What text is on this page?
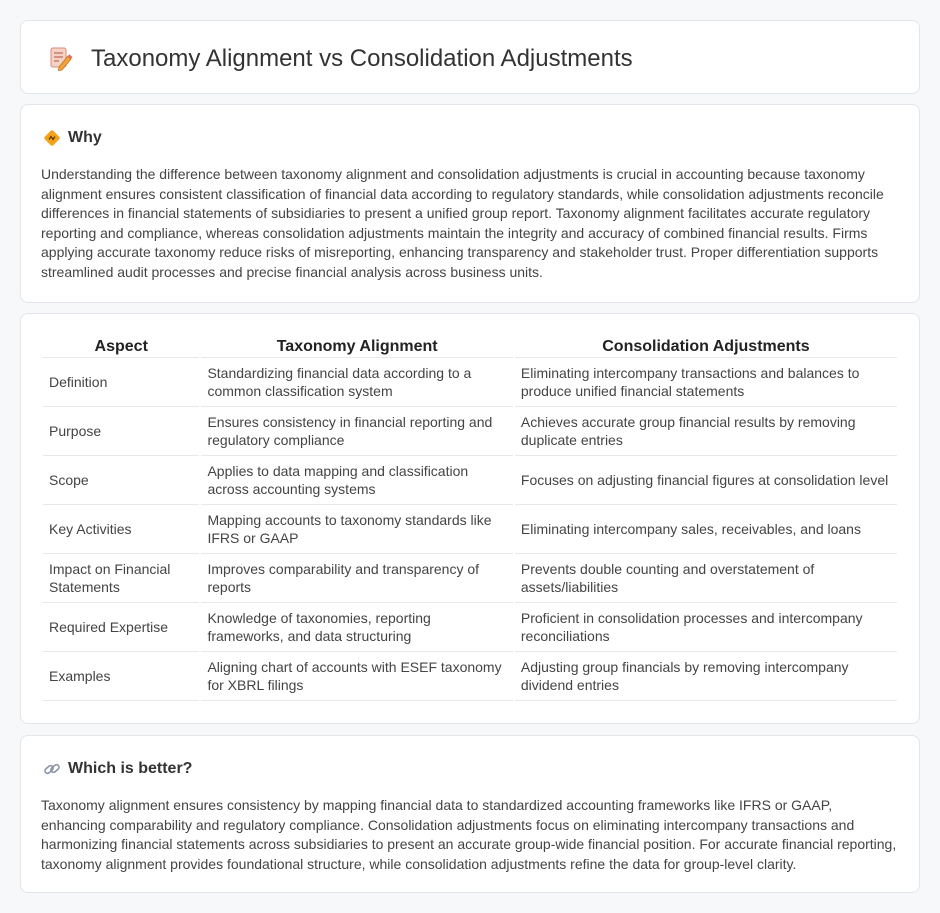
Taxonomy Alignment vs Consolidation Adjustments
Why

Understanding the difference between taxonomy alignment and consolidation adjustments is crucial in accounting because taxonomy alignment ensures consistent classification of financial data according to regulatory standards, while consolidation adjustments reconcile differences in financial statements of subsidiaries to present a unified group report. Taxonomy alignment facilitates accurate regulatory reporting and compliance, whereas consolidation adjustments maintain the integrity and accuracy of combined financial results. Firms applying accurate taxonomy reduce risks of misreporting, enhancing transparency and stakeholder trust. Proper differentiation supports streamlined audit processes and precise financial analysis across business units.

Aspect	Taxonomy Alignment	Consolidation Adjustments
Definition	Standardizing financial data according to a common classification system	Eliminating intercompany transactions and balances to produce unified financial statements
Purpose	Ensures consistency in financial reporting and regulatory compliance	Achieves accurate group financial results by removing duplicate entries
Scope	Applies to data mapping and classification across accounting systems	Focuses on adjusting financial figures at consolidation level
Key Activities	Mapping accounts to taxonomy standards like IFRS or GAAP	Eliminating intercompany sales, receivables, and loans
Impact on Financial Statements	Improves comparability and transparency of reports	Prevents double counting and overstatement of assets/liabilities
Required Expertise	Knowledge of taxonomies, reporting frameworks, and data structuring	Proficient in consolidation processes and intercompany reconciliations
Examples	Aligning chart of accounts with ESEF taxonomy for XBRL filings	Adjusting group financials by removing intercompany dividend entries
Which is better?

Taxonomy alignment ensures consistency by mapping financial data to standardized accounting frameworks like IFRS or GAAP, enhancing comparability and regulatory compliance. Consolidation adjustments focus on eliminating intercompany transactions and harmonizing financial statements across subsidiaries to present an accurate group-wide financial position. For accurate financial reporting, taxonomy alignment provides foundational structure, while consolidation adjustments refine the data for group-level clarity.
